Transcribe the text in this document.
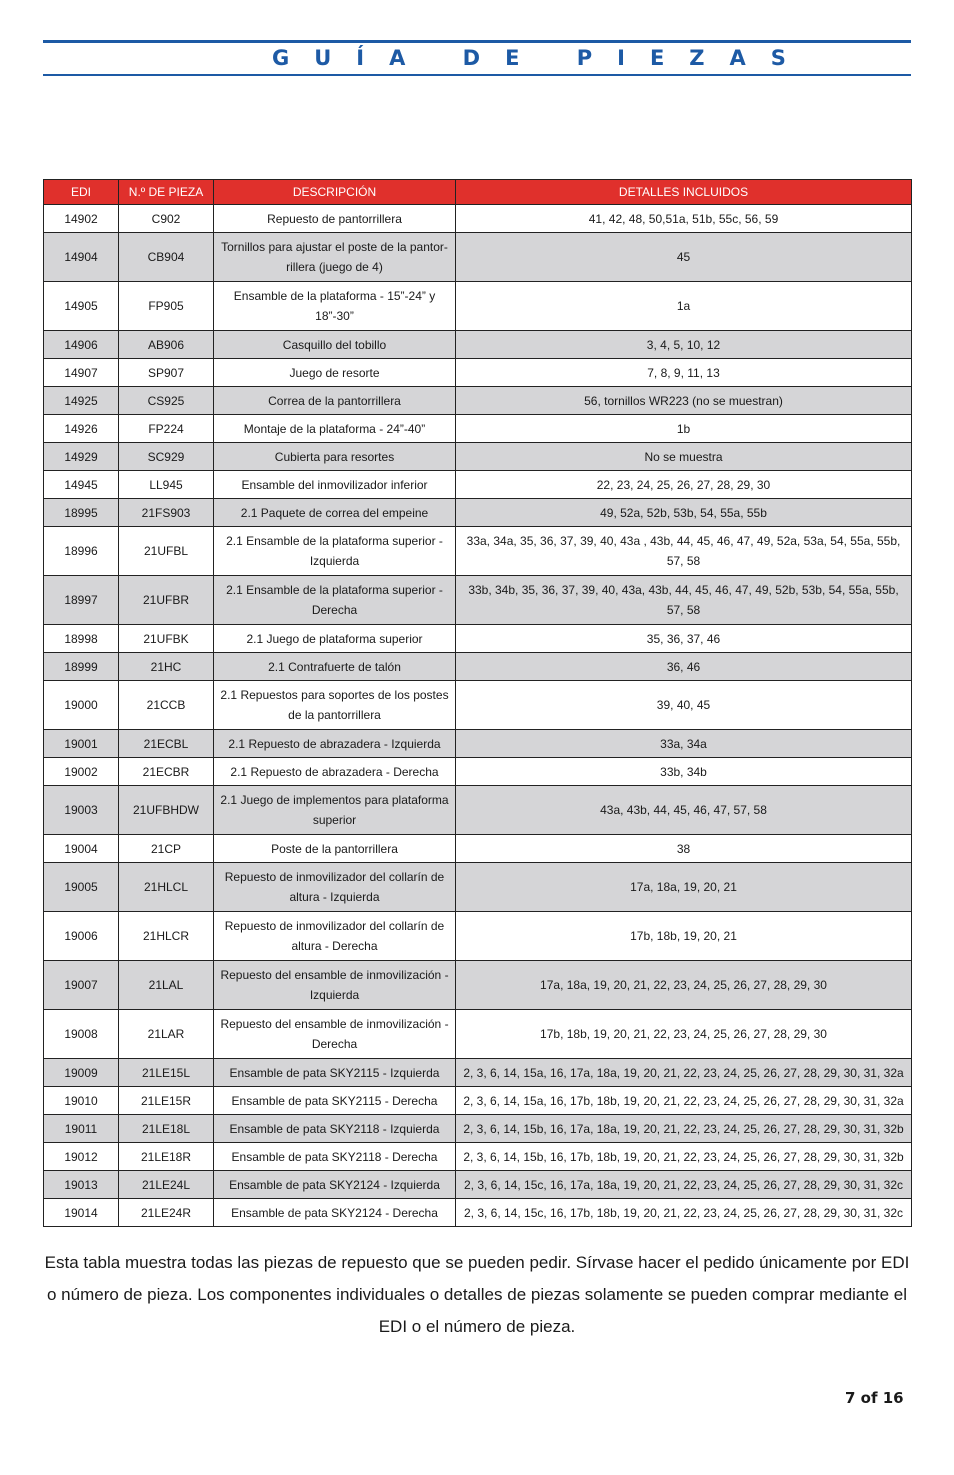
GUÍA DE PIEZAS
EDI	N.º DE PIEZA	DESCRIPCIÓN	DETALLES INCLUIDOS
14902	C902	Repuesto de pantorrillera	41, 42, 48, 50,51a, 51b, 55c, 56, 59
14904	CB904	Tornillos para ajustar el poste de la pantor-rillera (juego de 4)	45
14905	FP905	Ensamble de la plataforma - 15”-24” y 18”-30”	1a
14906	AB906	Casquillo del tobillo	3, 4, 5, 10, 12
14907	SP907	Juego de resorte	7, 8, 9, 11, 13
14925	CS925	Correa de la pantorrillera	56, tornillos WR223 (no se muestran)
14926	FP224	Montaje de la plataforma - 24”-40”	1b
14929	SC929	Cubierta para resortes	No se muestra
14945	LL945	Ensamble del inmovilizador inferior	22, 23, 24, 25, 26, 27, 28, 29, 30
18995	21FS903	2.1 Paquete de correa del empeine	49, 52a, 52b, 53b, 54, 55a, 55b
18996	21UFBL	2.1 Ensamble de la plataforma superior - Izquierda	33a, 34a, 35, 36, 37, 39, 40, 43a , 43b, 44, 45, 46, 47, 49, 52a, 53a, 54, 55a, 55b, 57, 58
18997	21UFBR	2.1 Ensamble de la plataforma superior - Derecha	33b, 34b, 35, 36, 37, 39, 40, 43a, 43b, 44, 45, 46, 47, 49, 52b, 53b, 54, 55a, 55b, 57, 58
18998	21UFBK	2.1 Juego de plataforma superior	35, 36, 37, 46
18999	21HC	2.1 Contrafuerte de talón	36, 46
19000	21CCB	2.1 Repuestos para soportes de los postes de la pantorrillera	39, 40, 45
19001	21ECBL	2.1 Repuesto de abrazadera - Izquierda	33a, 34a
19002	21ECBR	2.1 Repuesto de abrazadera - Derecha	33b, 34b
19003	21UFBHDW	2.1 Juego de implementos para plataforma superior	43a, 43b, 44, 45, 46, 47, 57, 58
19004	21CP	Poste de la pantorrillera	38
19005	21HLCL	Repuesto de inmovilizador del collarín de altura - Izquierda	17a, 18a, 19, 20, 21
19006	21HLCR	Repuesto de inmovilizador del collarín de altura - Derecha	17b, 18b, 19, 20, 21
19007	21LAL	Repuesto del ensamble de inmovilización - Izquierda	17a, 18a, 19, 20, 21, 22, 23, 24, 25, 26, 27, 28, 29, 30
19008	21LAR	Repuesto del ensamble de inmovilización - Derecha	17b, 18b, 19, 20, 21, 22, 23, 24, 25, 26, 27, 28, 29, 30
19009	21LE15L	Ensamble de pata SKY2115 - Izquierda	2, 3, 6, 14, 15a, 16, 17a, 18a, 19, 20, 21, 22, 23, 24, 25, 26, 27, 28, 29, 30, 31, 32a
19010	21LE15R	Ensamble de pata SKY2115 - Derecha	2, 3, 6, 14, 15a, 16, 17b, 18b, 19, 20, 21, 22, 23, 24, 25, 26, 27, 28, 29, 30, 31, 32a
19011	21LE18L	Ensamble de pata SKY2118 - Izquierda	2, 3, 6, 14, 15b, 16, 17a, 18a, 19, 20, 21, 22, 23, 24, 25, 26, 27, 28, 29, 30, 31, 32b
19012	21LE18R	Ensamble de pata SKY2118 - Derecha	2, 3, 6, 14, 15b, 16, 17b, 18b, 19, 20, 21, 22, 23, 24, 25, 26, 27, 28, 29, 30, 31, 32b
19013	21LE24L	Ensamble de pata SKY2124 - Izquierda	2, 3, 6, 14, 15c, 16, 17a, 18a, 19, 20, 21, 22, 23, 24, 25, 26, 27, 28, 29, 30, 31, 32c
19014	21LE24R	Ensamble de pata SKY2124 - Derecha	2, 3, 6, 14, 15c, 16, 17b, 18b, 19, 20, 21, 22, 23, 24, 25, 26, 27, 28, 29, 30, 31, 32c
Esta tabla muestra todas las piezas de repuesto que se pueden pedir. Sírvase hacer el pedido únicamente por EDI o número de pieza. Los componentes individuales o detalles de piezas solamente se pueden comprar mediante el EDI o el número de pieza.
7 of 16
